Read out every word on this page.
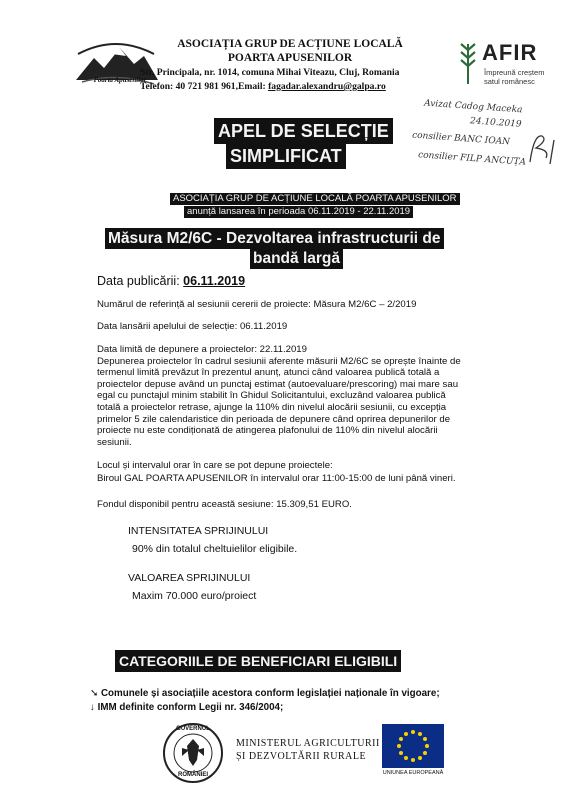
Poarta Apusenilor
ASOCIAȚIA GRUP DE ACȚIUNE LOCALĂ
POARTA APUSENILOR
Str. Principala, nr. 1014, comuna Mihai Viteazu, Cluj, Romania
Telefon: 40 721 981 961,Email: fagadar.alexandru@galpa.ro
AFIR
Împreună creștem
satul românesc
Avizat Cadog Maceka
24.10.2019
consilier BANC IOAN
consilier FILP ANCUȚA
APEL DE SELECȚIE
SIMPLIFICAT
ASOCIAȚIA GRUP DE ACȚIUNE LOCALĂ POARTA APUSENILOR
anunță lansarea în perioada 06.11.2019 - 22.11.2019
Măsura M2/6C - Dezvoltarea infrastructurii de
bandă largă
Data publicării: 06.11.2019
Numărul de referință al sesiunii cererii de proiecte: Măsura M2/6C – 2/2019
Data lansării apelului de selecție: 06.11.2019
Data limită de depunere a proiectelor: 22.11.2019
Depunerea proiectelor în cadrul sesiunii aferente măsurii M2/6C se oprește înainte de
termenul limită prevăzut în prezentul anunț, atunci când valoarea publică totală a
proiectelor depuse având un punctaj estimat (autoevaluare/prescoring) mai mare sau
egal cu punctajul minim stabilit în Ghidul Solicitantului, excluzând valoarea publică
totală a proiectelor retrase, ajunge la 110% din nivelul alocării sesiunii, cu excepția
primelor 5 zile calendaristice din perioada de depunere când oprirea depunerilor de
proiecte nu este condiționată de atingerea plafonului de 110% din nivelul alocării
sesiunii.
Locul și intervalul orar în care se pot depune proiectele:
Biroul GAL POARTA APUSENILOR în intervalul orar 11:00-15:00 de luni până vineri.
Fondul disponibil pentru această sesiune: 15.309,51 EURO.
INTENSITATEA SPRIJINULUI
90% din totalul cheltuielilor eligibile.
VALOAREA SPRIJINULUI
Maxim 70.000 euro/proiect
CATEGORIILE DE BENEFICIARI ELIGIBILI
➘ Comunele și asociațiile acestora conform legislației naționale în vigoare;
↓ IMM definite conform Legii nr. 346/2004;
GUVERNUL
ROMÂNIEI
MINISTERUL AGRICULTURII
ȘI DEZVOLTĂRII RURALE
UNIUNEA EUROPEANĂ
